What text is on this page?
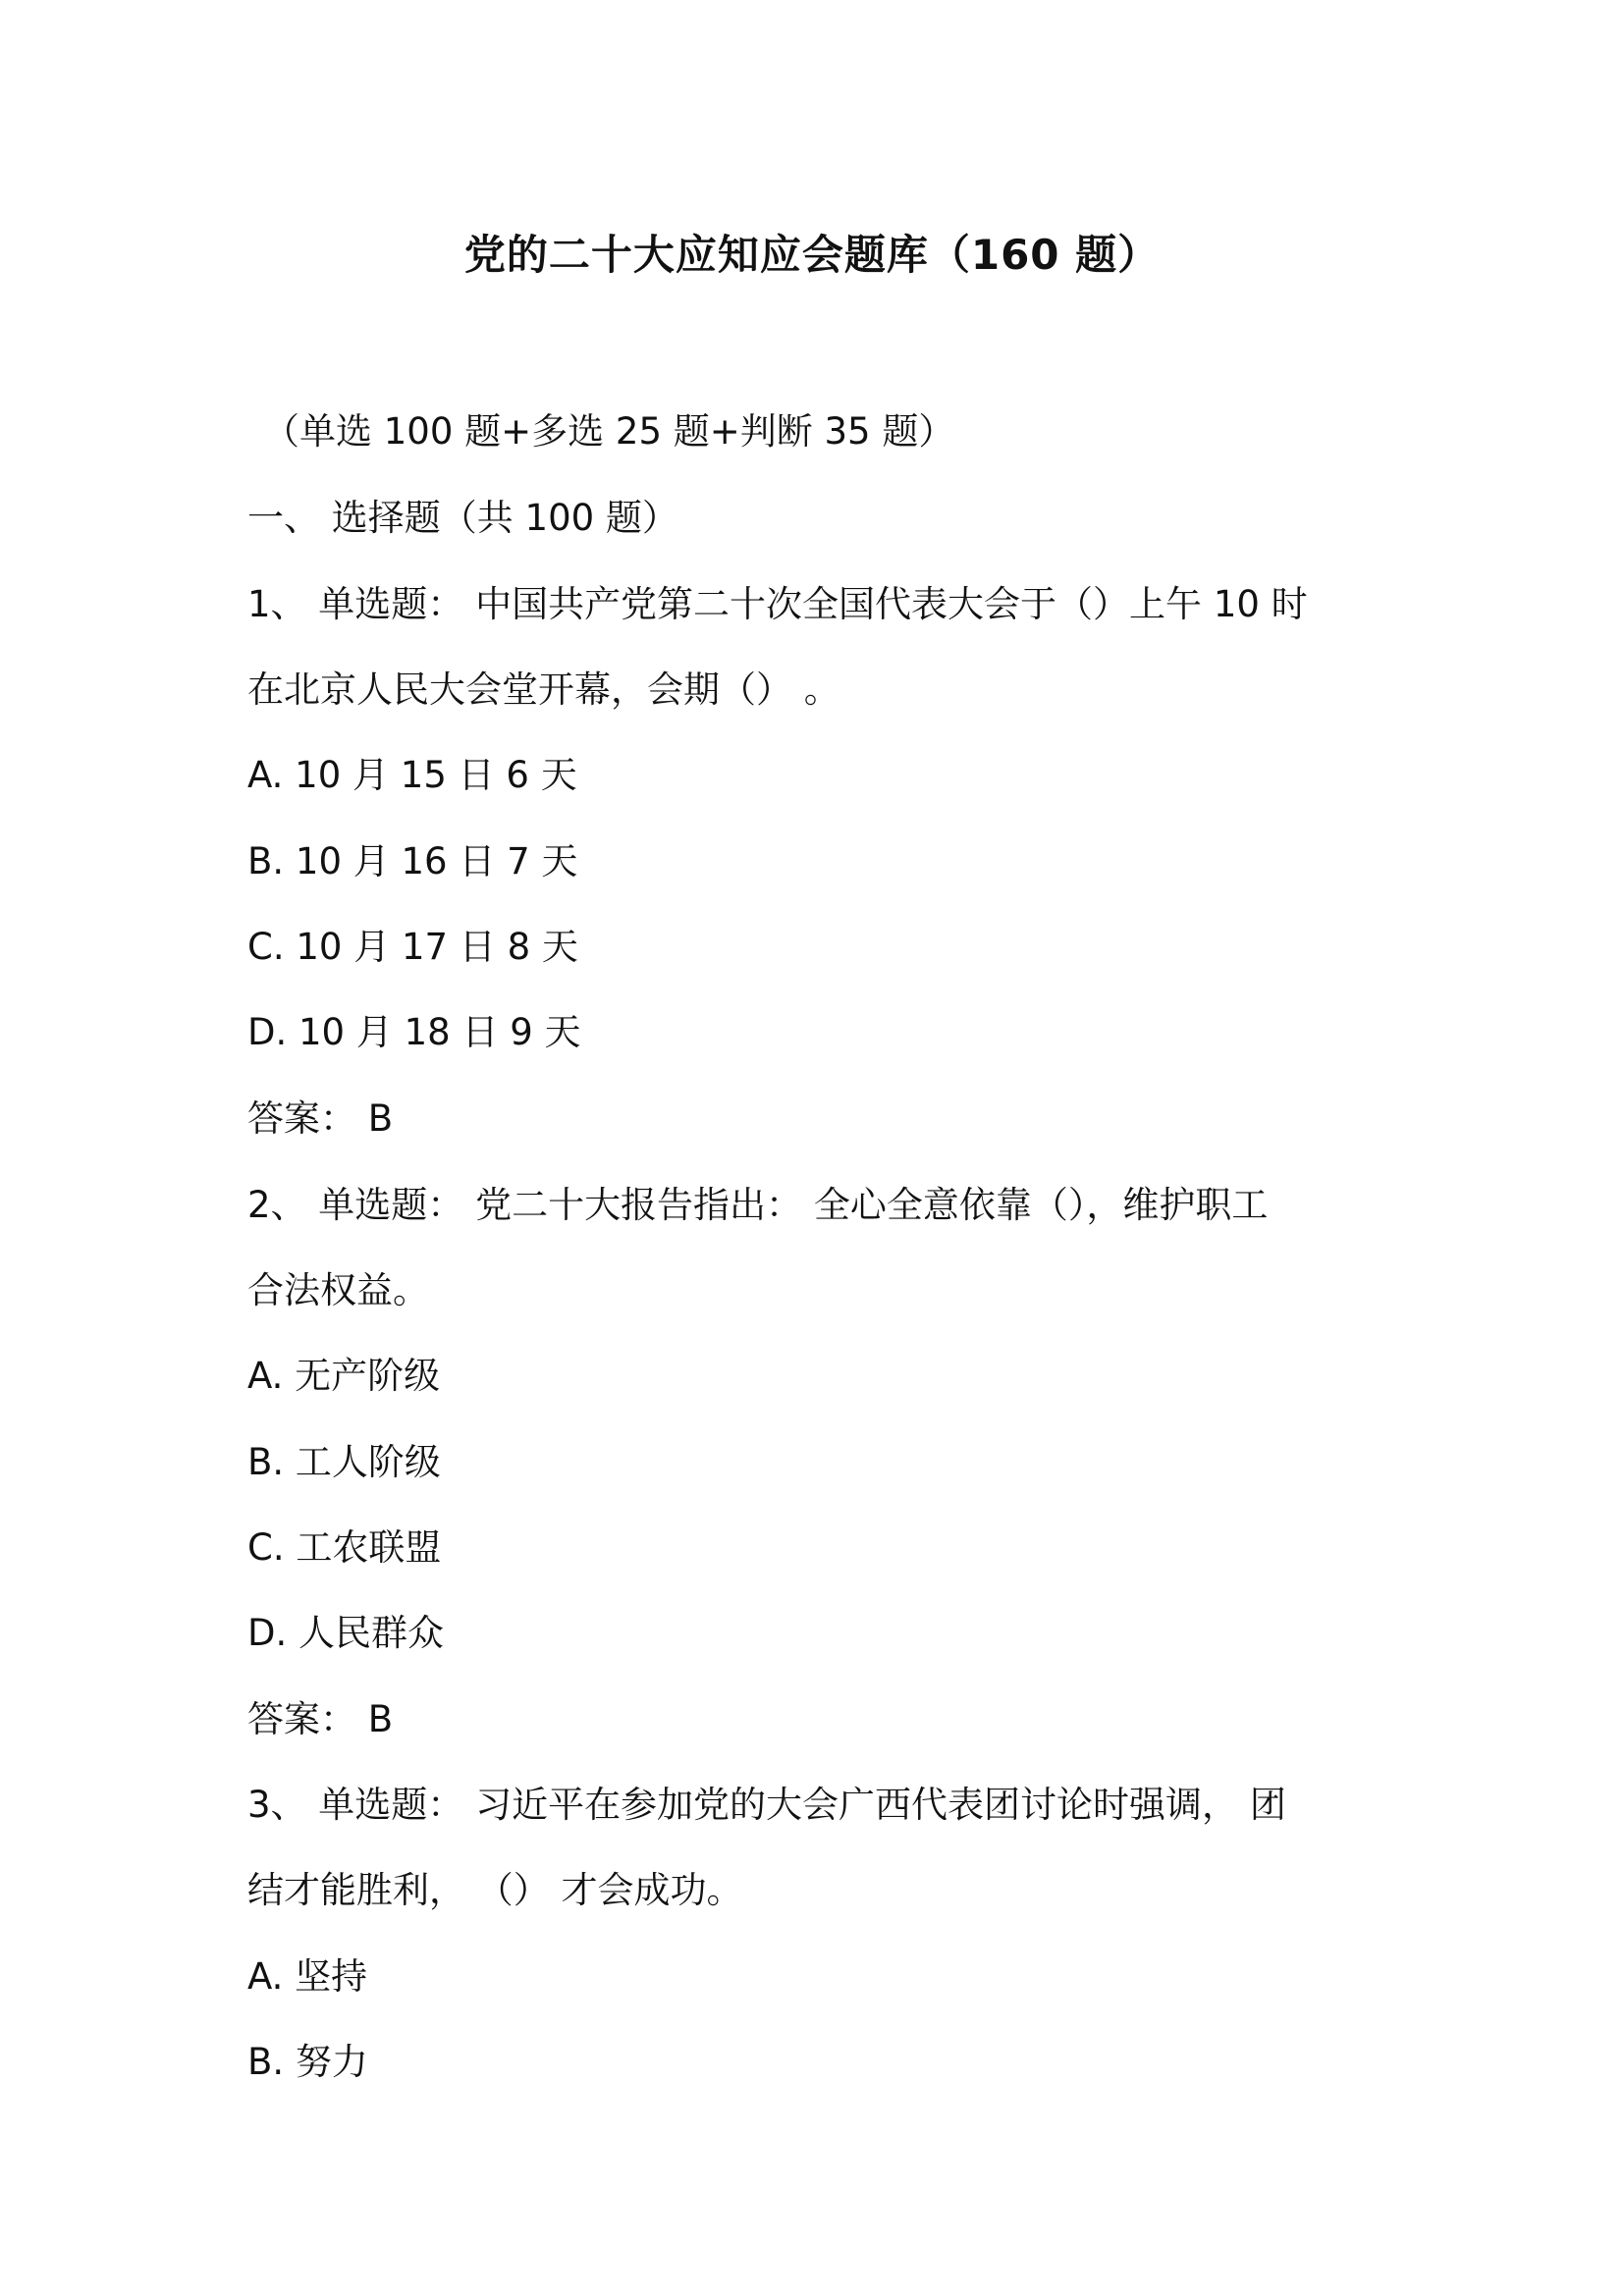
党的二十大应知应会题库（160 题）
（单选 100 题+多选 25 题+判断 35 题）
一、 选择题（共 100 题）
1、 单选题： 中国共产党第二十次全国代表大会于（）上午 10 时
在北京人民大会堂开幕，会期（） 。
A. 10 月 15 日 6 天
B. 10 月 16 日 7 天
C. 10 月 17 日 8 天
D. 10 月 18 日 9 天
答案： B
2、 单选题： 党二十大报告指出： 全心全意依靠（），维护职工
合法权益。
A. 无产阶级
B. 工人阶级
C. 工农联盟
D. 人民群众
答案： B
3、 单选题： 习近平在参加党的大会广西代表团讨论时强调， 团
结才能胜利， （） 才会成功。
A. 坚持
B. 努力
